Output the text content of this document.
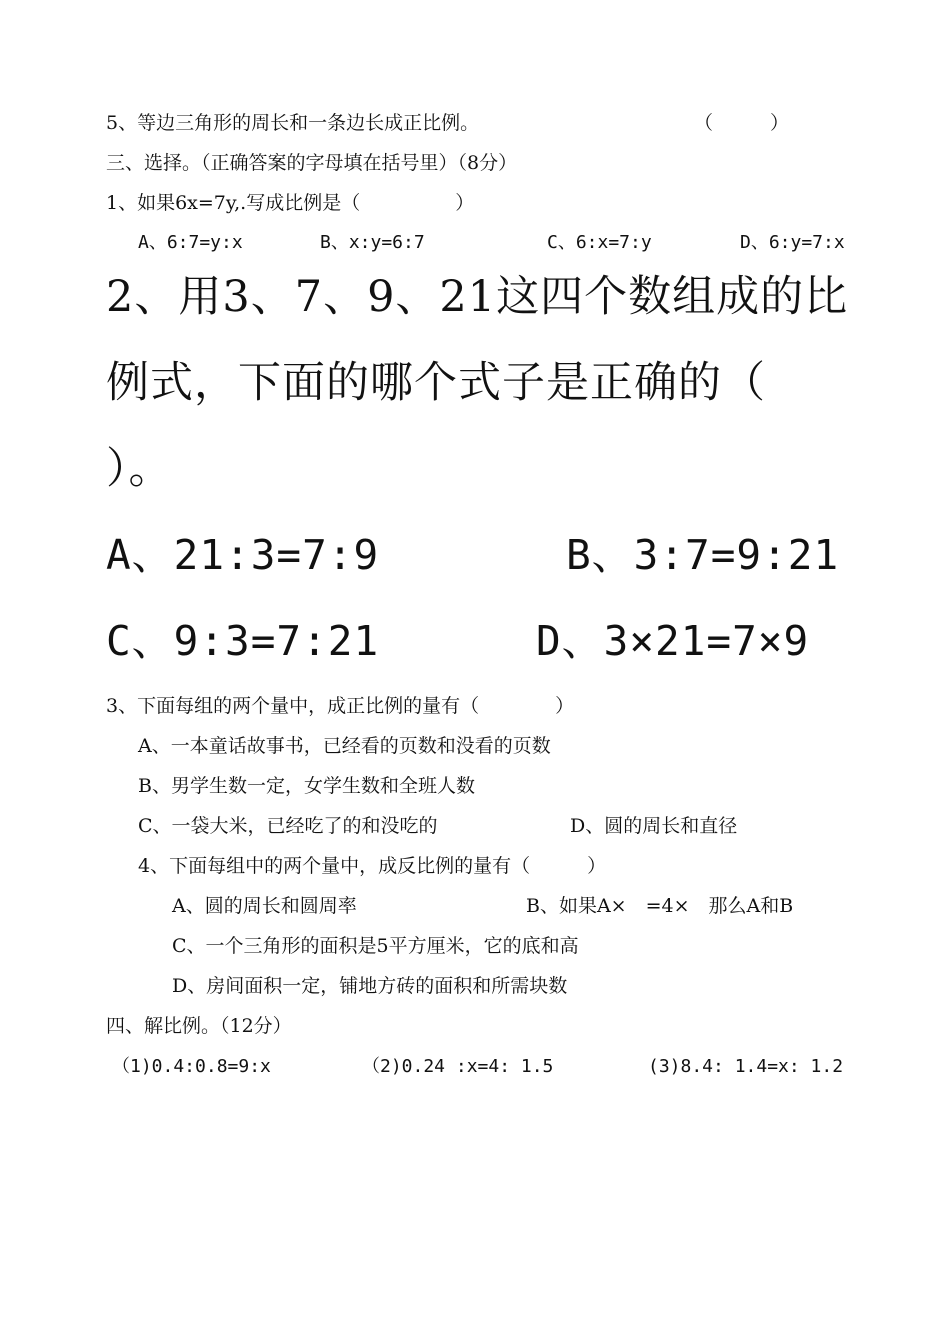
5、等边三角形的周长和一条边长成正比例。	（　　　）
三、选择。（正确答案的字母填在括号里）（8分）
1、如果6x=7y,.写成比例是（　　　　　）
A、6:7=y:x	B、x:y=6:7	C、6:x=7:y	D、6:y=7:x
2、用3、7、9、21这四个数组成的比
例式，下面的哪个式子是正确的（
）。
A、21:3=7:9	B、3:7=9:21
C、9:3=7:21	D、3×21=7×9
3、下面每组的两个量中，成正比例的量有（　　　　）
A、一本童话故事书，已经看的页数和没看的页数
B、男学生数一定，女学生数和全班人数
C、一袋大米，已经吃了的和没吃的	D、圆的周长和直径
4、下面每组中的两个量中，成反比例的量有（　　　）
A、圆的周长和圆周率	B、如果A×　=4×　那么A和B
C、一个三角形的面积是5平方厘米，它的底和高
D、房间面积一定，铺地方砖的面积和所需块数
四、解比例。（12分）
（1)0.4:0.8=9:x	（2)0.24 :x=4: 1.5	(3)8.4: 1.4=x: 1.2
